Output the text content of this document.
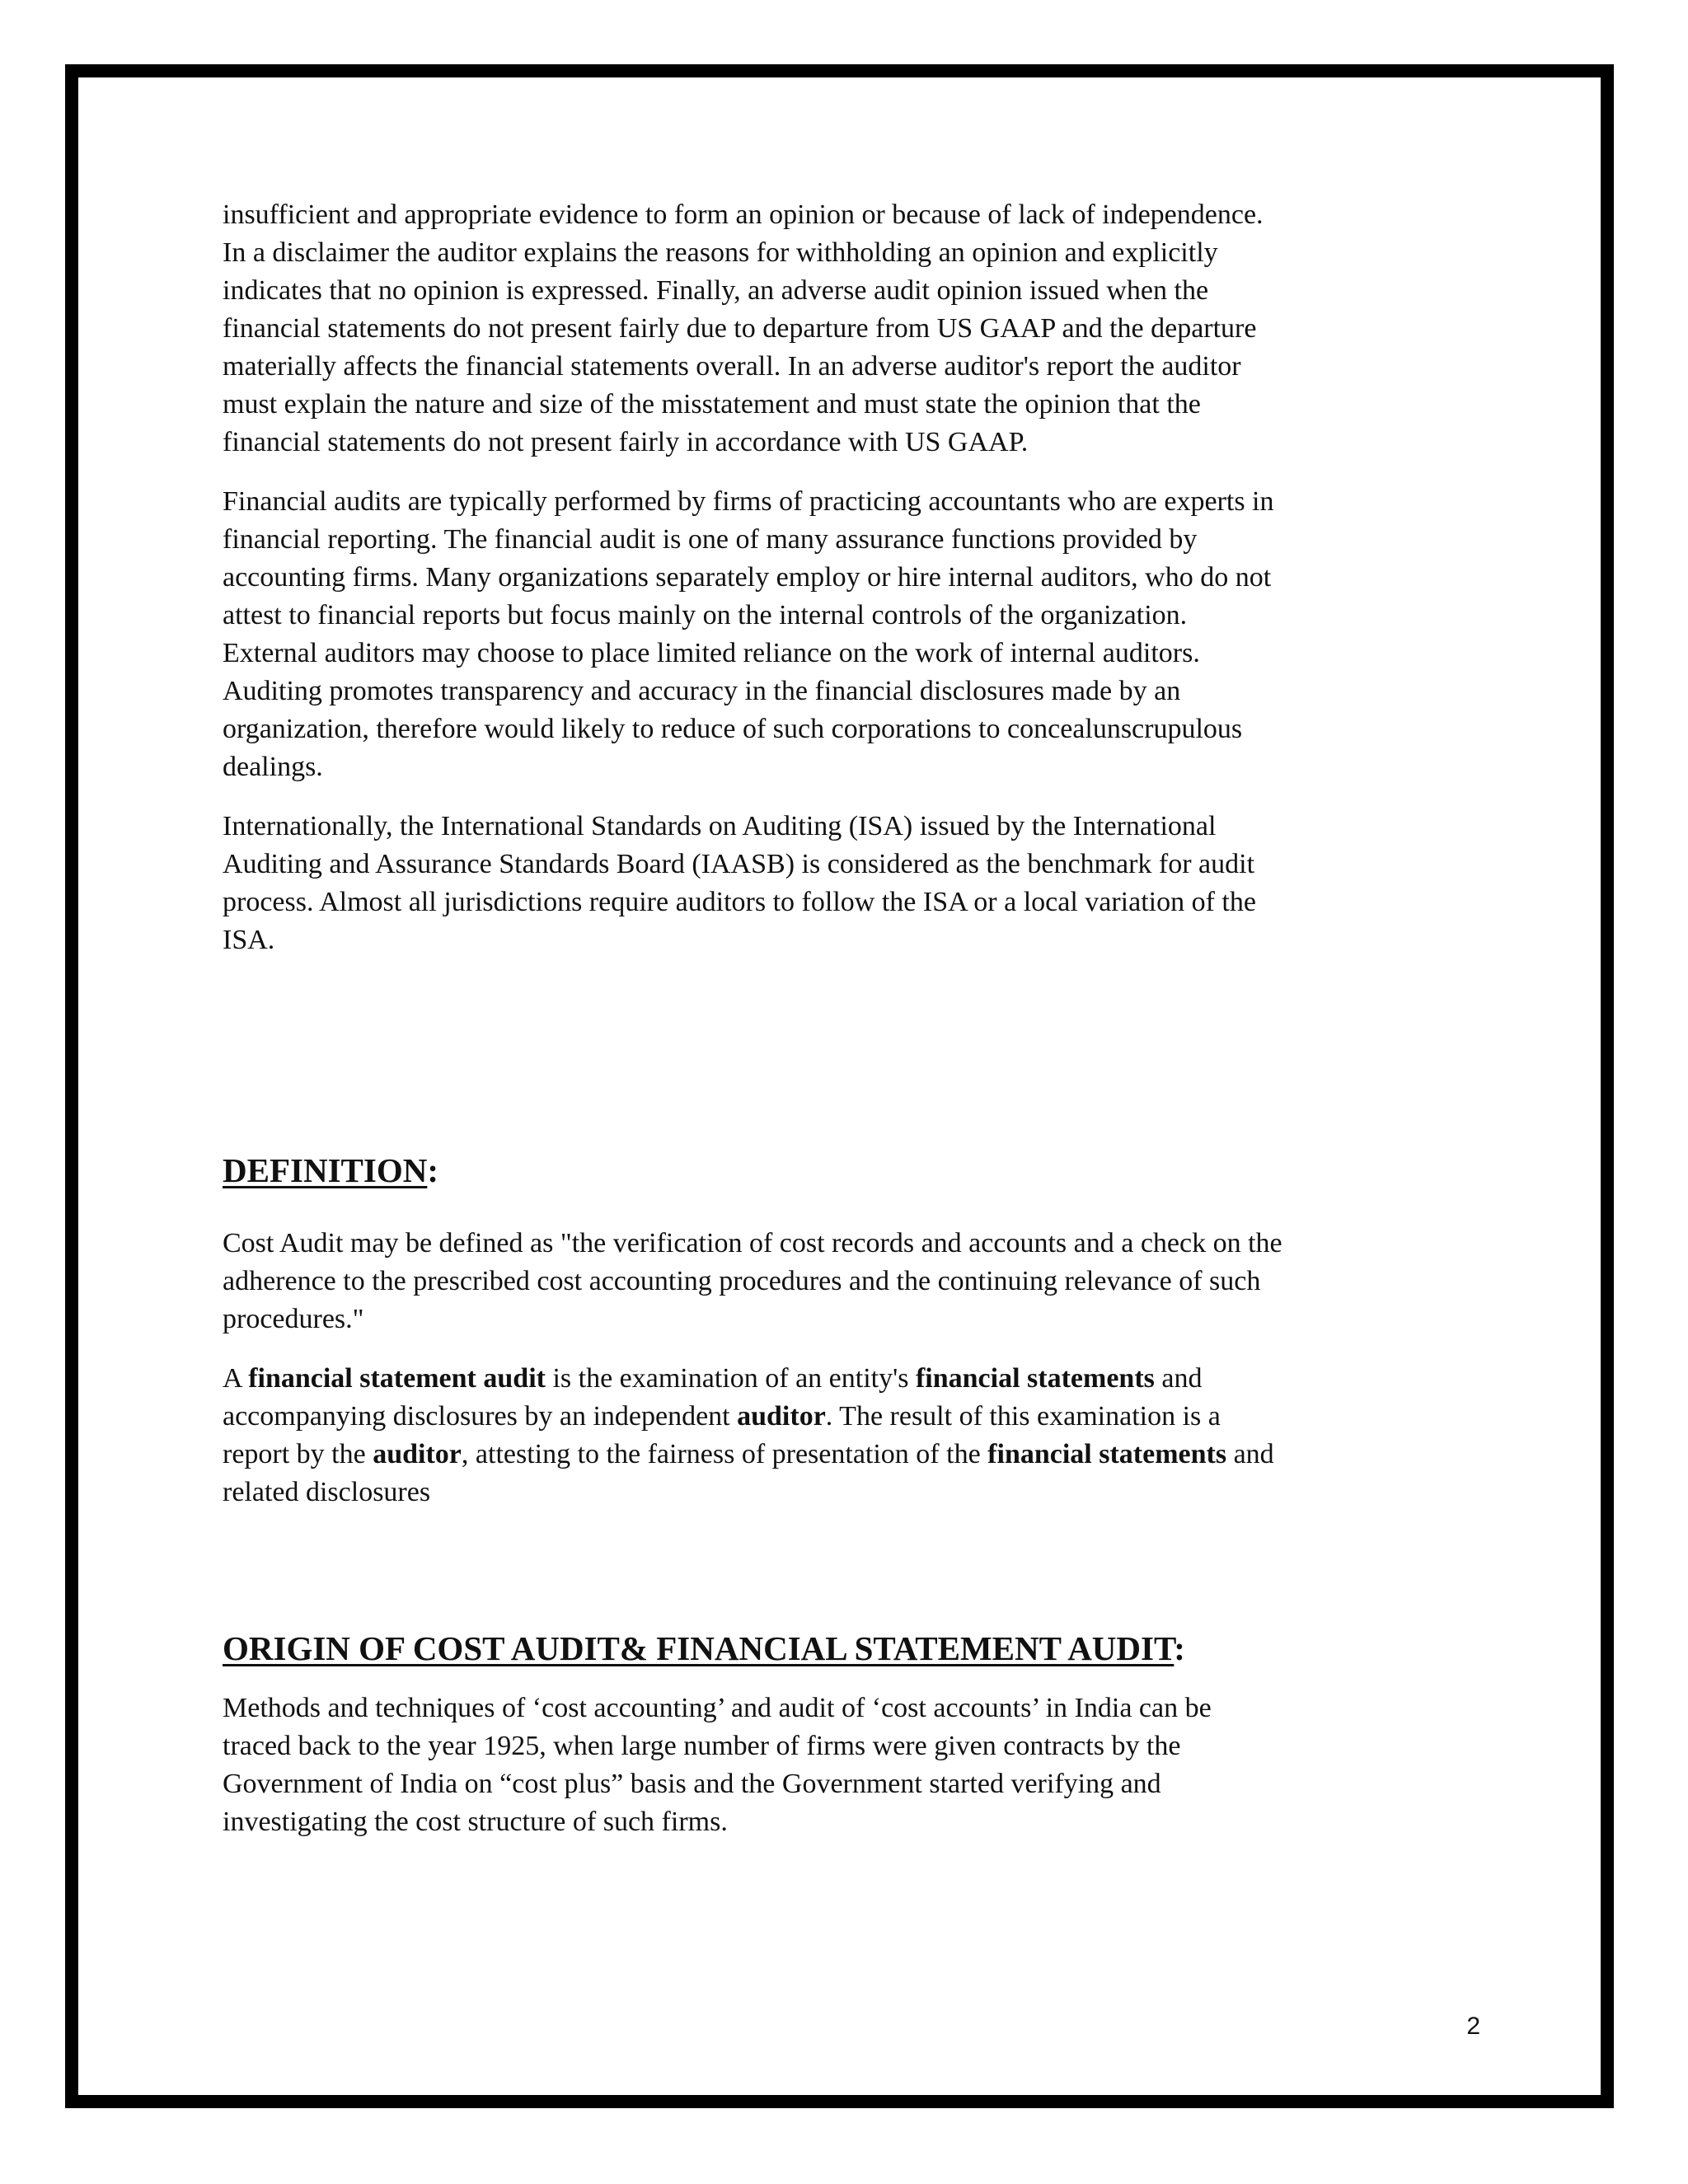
insufficient and appropriate evidence to form an opinion or because of lack of independence.

In a disclaimer the auditor explains the reasons for withholding an opinion and explicitly

indicates that no opinion is expressed. Finally, an adverse audit opinion issued when the

financial statements do not present fairly due to departure from US GAAP and the departure

materially affects the financial statements overall. In an adverse auditor's report the auditor

must explain the nature and size of the misstatement and must state the opinion that the

financial statements do not present fairly in accordance with US GAAP.

Financial audits are typically performed by firms of practicing accountants who are experts in

financial reporting. The financial audit is one of many assurance functions provided by

accounting firms. Many organizations separately employ or hire internal auditors, who do not

attest to financial reports but focus mainly on the internal controls of the organization.

External auditors may choose to place limited reliance on the work of internal auditors.

Auditing promotes transparency and accuracy in the financial disclosures made by an

organization, therefore would likely to reduce of such corporations to concealunscrupulous

dealings.

Internationally, the International Standards on Auditing (ISA) issued by the International

Auditing and Assurance Standards Board (IAASB) is considered as the benchmark for audit

process. Almost all jurisdictions require auditors to follow the ISA or a local variation of the

ISA.

DEFINITION:

Cost Audit may be defined as "the verification of cost records and accounts and a check on the

adherence to the prescribed cost accounting procedures and the continuing relevance of such

procedures."

A financial statement audit is the examination of an entity's financial statements and

accompanying disclosures by an independent auditor. The result of this examination is a

report by the auditor, attesting to the fairness of presentation of the financial statements and

related disclosures

ORIGIN OF COST AUDIT& FINANCIAL STATEMENT AUDIT:

Methods and techniques of ‘cost accounting’ and audit of ‘cost accounts’ in India can be

traced back to the year 1925, when large number of firms were given contracts by the

Government of India on “cost plus” basis and the Government started verifying and

investigating the cost structure of such firms.

2
